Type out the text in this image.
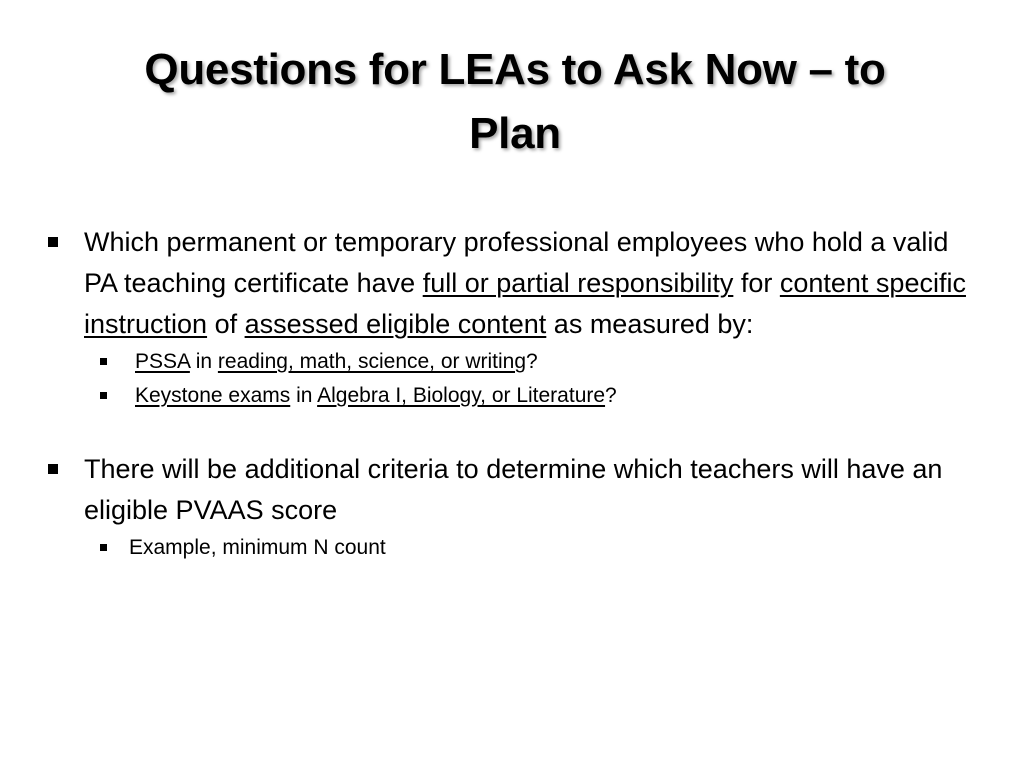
Questions for LEAs to Ask Now – to
Plan
Which permanent or temporary professional employees who hold a valid PA teaching certificate have full or partial responsibility for content specific instruction of assessed eligible content as measured by:
PSSA in reading, math, science, or writing?
Keystone exams in Algebra I, Biology, or Literature?
There will be additional criteria to determine which teachers will have an eligible PVAAS score
Example, minimum N count
